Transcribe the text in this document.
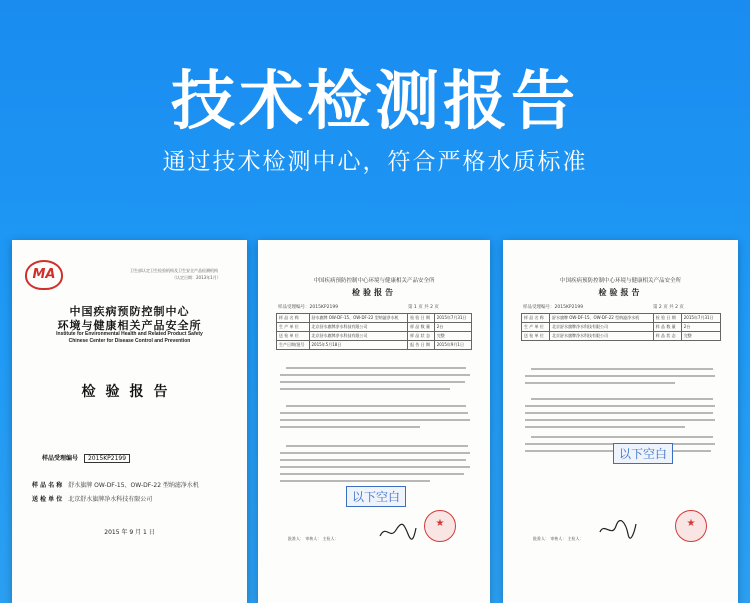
技术检测报告
通过技术检测中心，符合严格水质标准
MA	卫生部认定卫生检验机构及卫生安全产品检测机构
（认定日期：2013年1月）
中国疾病预防控制中心
环境与健康相关产品安全所
Institute for Environmental Health and Related Product Safety
Chinese Center for Disease Control and Prevention
检验报告
样品受理编号 2015KP2199
样 品 名 称 舒水旗牌 OW-DF-15、OW-DF-22 型纳滤净水机
送 检 单 位 北京舒水旗牌净水科技有限公司
2015 年 9 月 1 日
中国疾病预防控制中心环境与健康相关产品安全所
检验报告
样品受理编号：2015KP2199	第 1 页 共 2 页
样 品 名 称	舒水旗牌 OW-DF-15、OW-DF-22 型纳滤净水机	检 验 日 期	2015年7月31日
生 产 单 位	北京舒水旗牌净水科技有限公司	样 品 数 量	2台
送 检 单 位	北京舒水旗牌净水科技有限公司	样 品 状 态	完整
生产日期/批号	2015年5月18日	报 告 日 期	2015年9月1日
以下空白
批准人： 审核人： 主检人：
★
中国疾病预防控制中心环境与健康相关产品安全所
检验报告
样品受理编号：2015KP2199	第 2 页 共 2 页
样 品 名 称	舒水旗牌 OW-DF-15、OW-DF-22 型纳滤净水机	检 验 日 期	2015年7月31日
生 产 单 位	北京舒水旗牌净水科技有限公司	样 品 数 量	2台
送 检 单 位	北京舒水旗牌净水科技有限公司	样 品 状 态	完整
以下空白
批准人： 审核人： 主检人：
★
